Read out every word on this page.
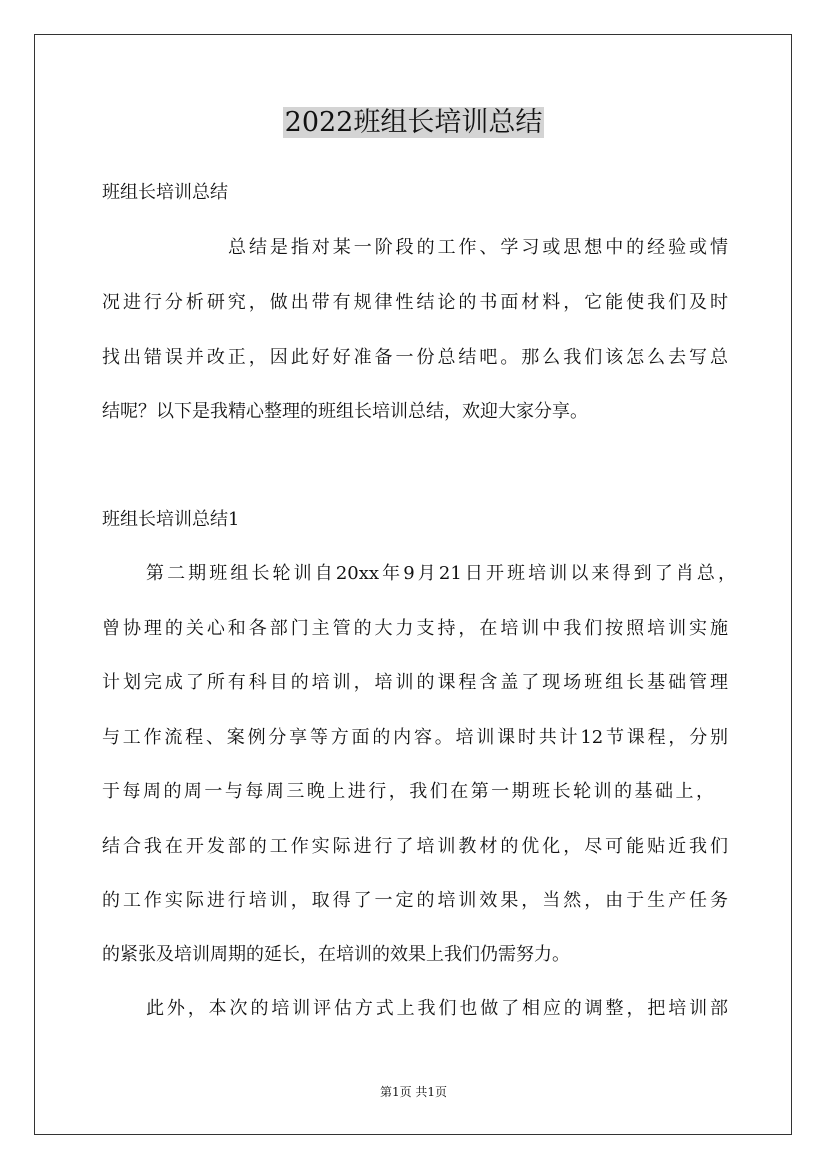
2022班组长培训总结
班组长培训总结
总结是指对某一阶段的工作、学习或思想中的经验或情
况进行分析研究，做出带有规律性结论的书面材料，它能使我们及时
找出错误并改正，因此好好准备一份总结吧。那么我们该怎么去写总
结呢？以下是我精心整理的班组长培训总结，欢迎大家分享。
班组长培训总结1
第二期班组长轮训自20xx年9月21日开班培训以来得到了肖总，
曾协理的关心和各部门主管的大力支持，在培训中我们按照培训实施
计划完成了所有科目的培训，培训的课程含盖了现场班组长基础管理
与工作流程、案例分享等方面的内容。培训课时共计12节课程，分别
于每周的周一与每周三晚上进行，我们在第一期班长轮训的基础上，
结合我在开发部的工作实际进行了培训教材的优化，尽可能贴近我们
的工作实际进行培训，取得了一定的培训效果，当然，由于生产任务
的紧张及培训周期的延长，在培训的效果上我们仍需努力。
此外，本次的培训评估方式上我们也做了相应的调整，把培训部
第1页 共1页
